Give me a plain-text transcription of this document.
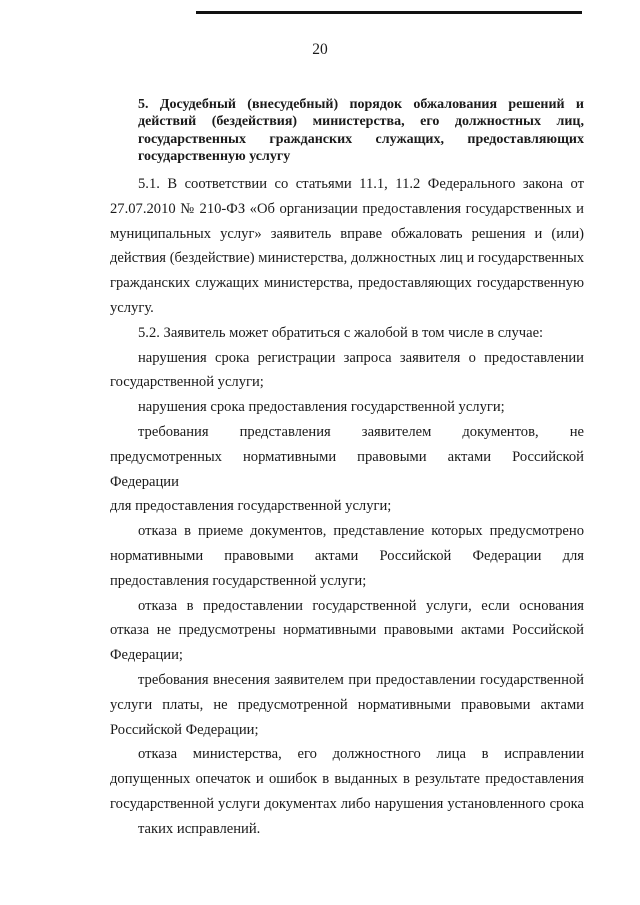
20

5. Досудебный (внесудебный) порядок обжалования решений и
действий (бездействия) министерства, его должностных лиц,
государственных гражданских служащих, предоставляющих
государственную услугу

5.1. В соответствии со статьями 11.1, 11.2 Федерального закона от
27.07.2010 № 210-ФЗ «Об организации предоставления государственных и
муниципальных услуг» заявитель вправе обжаловать решения и (или)
действия (бездействие) министерства, должностных лиц и государственных
гражданских служащих министерства, предоставляющих государственную
услугу.

5.2. Заявитель может обратиться с жалобой в том числе в случае:

нарушения срока регистрации запроса заявителя о предоставлении
государственной услуги;

нарушения срока предоставления государственной услуги;

требования представления заявителем документов, не
предусмотренных нормативными правовыми актами Российской Федерации
для предоставления государственной услуги;

отказа в приеме документов, представление которых предусмотрено
нормативными правовыми актами Российской Федерации для
предоставления государственной услуги;

отказа в предоставлении государственной услуги, если основания
отказа не предусмотрены нормативными правовыми актами Российской
Федерации;

требования внесения заявителем при предоставлении государственной
услуги платы, не предусмотренной нормативными правовыми актами
Российской Федерации;

отказа министерства, его должностного лица в исправлении
допущенных опечаток и ошибок в выданных в результате предоставления
государственной услуги документах либо нарушения установленного срока
таких исправлений.
